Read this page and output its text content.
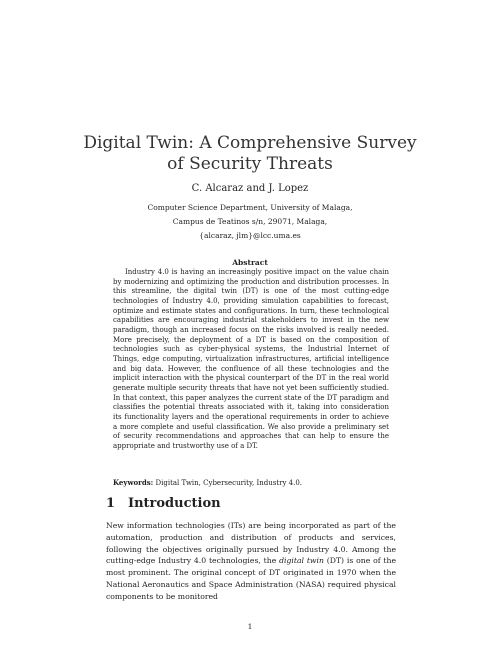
Digital Twin: A Comprehensive Survey
of Security Threats
C. Alcaraz and J. Lopez
Computer Science Department, University of Malaga,
Campus de Teatinos s/n, 29071, Malaga,
{alcaraz, jlm}@lcc.uma.es
Abstract

Industry 4.0 is having an increasingly positive impact on the value chain by modernizing and optimizing the production and distribution processes. In this streamline, the digital twin (DT) is one of the most cutting-edge technologies of Industry 4.0, providing simulation capabilities to forecast, optimize and estimate states and configurations. In turn, these technological capabilities are encouraging industrial stakeholders to invest in the new paradigm, though an increased focus on the risks involved is really needed. More precisely, the deployment of a DT is based on the composition of technologies such as cyber-physical systems, the Industrial Internet of Things, edge computing, virtualization infrastructures, artificial intelligence and big data. However, the confluence of all these technologies and the implicit interaction with the physical counterpart of the DT in the real world generate multiple security threats that have not yet been sufficiently studied. In that context, this paper analyzes the current state of the DT paradigm and classifies the potential threats associated with it, taking into consideration its functionality layers and the operational requirements in order to achieve a more complete and useful classification. We also provide a preliminary set of security recommendations and approaches that can help to ensure the appropriate and trustworthy use of a DT.

Keywords: Digital Twin, Cybersecurity, Industry 4.0.

1 Introduction

New information technologies (ITs) are being incorporated as part of the automation, production and distribution of products and services, following the objectives originally pursued by Industry 4.0. Among the cutting-edge Industry 4.0 technologies, the digital twin (DT) is one of the most prominent. The original concept of DT originated in 1970 when the National Aeronautics and Space Administration (NASA) required physical components to be monitored

1
